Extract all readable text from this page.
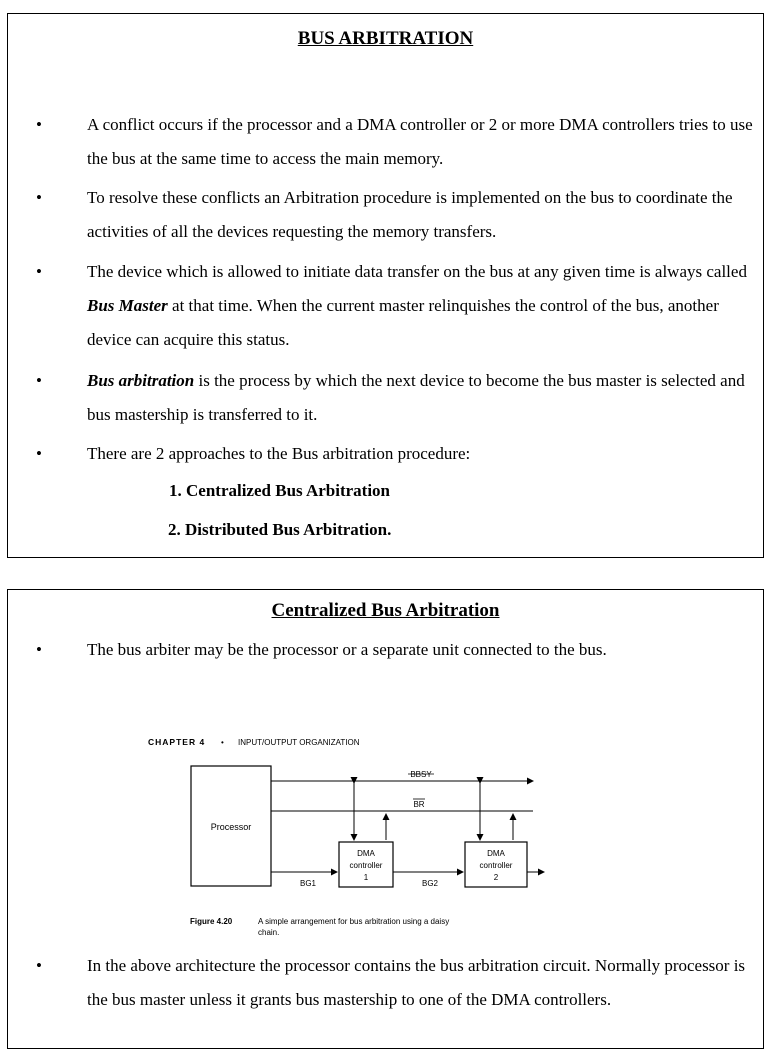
BUS ARBITRATION
•	A conflict occurs if the processor and a DMA controller or 2 or more DMA controllers tries to use the bus at the same time to access the main memory.
•	To resolve these conflicts an Arbitration procedure is implemented on the bus to coordinate the activities of all the devices requesting the memory transfers.
•	The device which is allowed to initiate data transfer on the bus at any given time is always called Bus Master at that time. When the current master relinquishes the control of the bus, another device can acquire this status.
•	Bus arbitration is the process by which the next device to become the bus master is selected and bus mastership is transferred to it.
•	There are 2 approaches to the Bus arbitration procedure:
1. Centralized Bus Arbitration
2. Distributed Bus Arbitration.
Centralized Bus Arbitration
•	The bus arbiter may be the processor or a separate unit connected to the bus.
CHAPTER 4 • INPUT/OUTPUT ORGANIZATION
Processor
BBSY
BR
DMA
controller
1
DMA
controller
2
BG1	BG2
Figure 4.20	A simple arrangement for bus arbitration using a daisy
chain.
•	In the above architecture the processor contains the bus arbitration circuit. Normally processor is the bus master unless it grants bus mastership to one of the DMA controllers.
